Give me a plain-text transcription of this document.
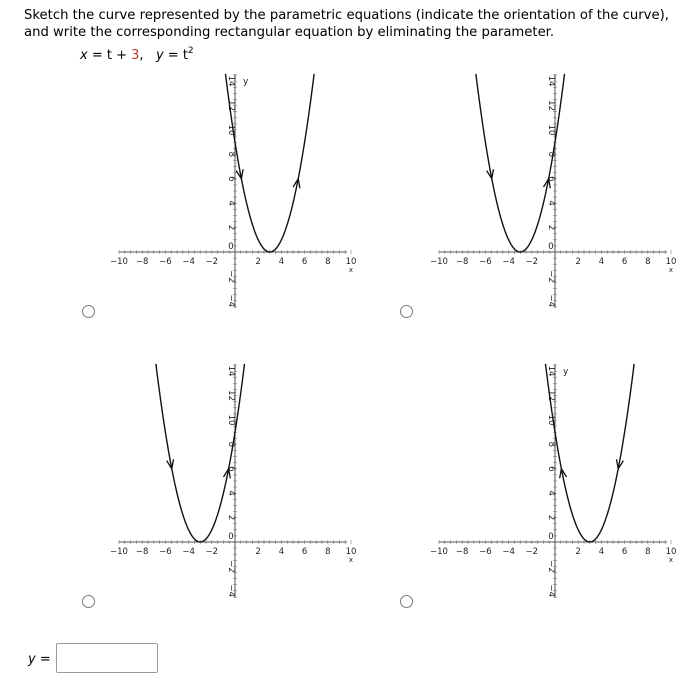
Sketch the curve represented by the parametric equations (indicate the orientation of the curve), and write the corresponding rectangular equation by eliminating the parameter.

x = t + 3, $y = t^2$
−10 −8 −6 −4 −2	2 4 6 8 10
14
12
10
8
6
4
2
−2
−4
0
x
y
−10 −8 −6 −4 −2	2 4 6 8 10
14
12
10
8
6
4
2
−2
−4
0
x
−10 −8 −6 −4 −2	2 4 6 8 10
14
12
10
8
6
4
2
−2
−4
0
x
−10 −8 −6 −4 −2	2 4 6 8 10
14
12
10
8
6
4
2
−2
−4
0
x
y
y =
